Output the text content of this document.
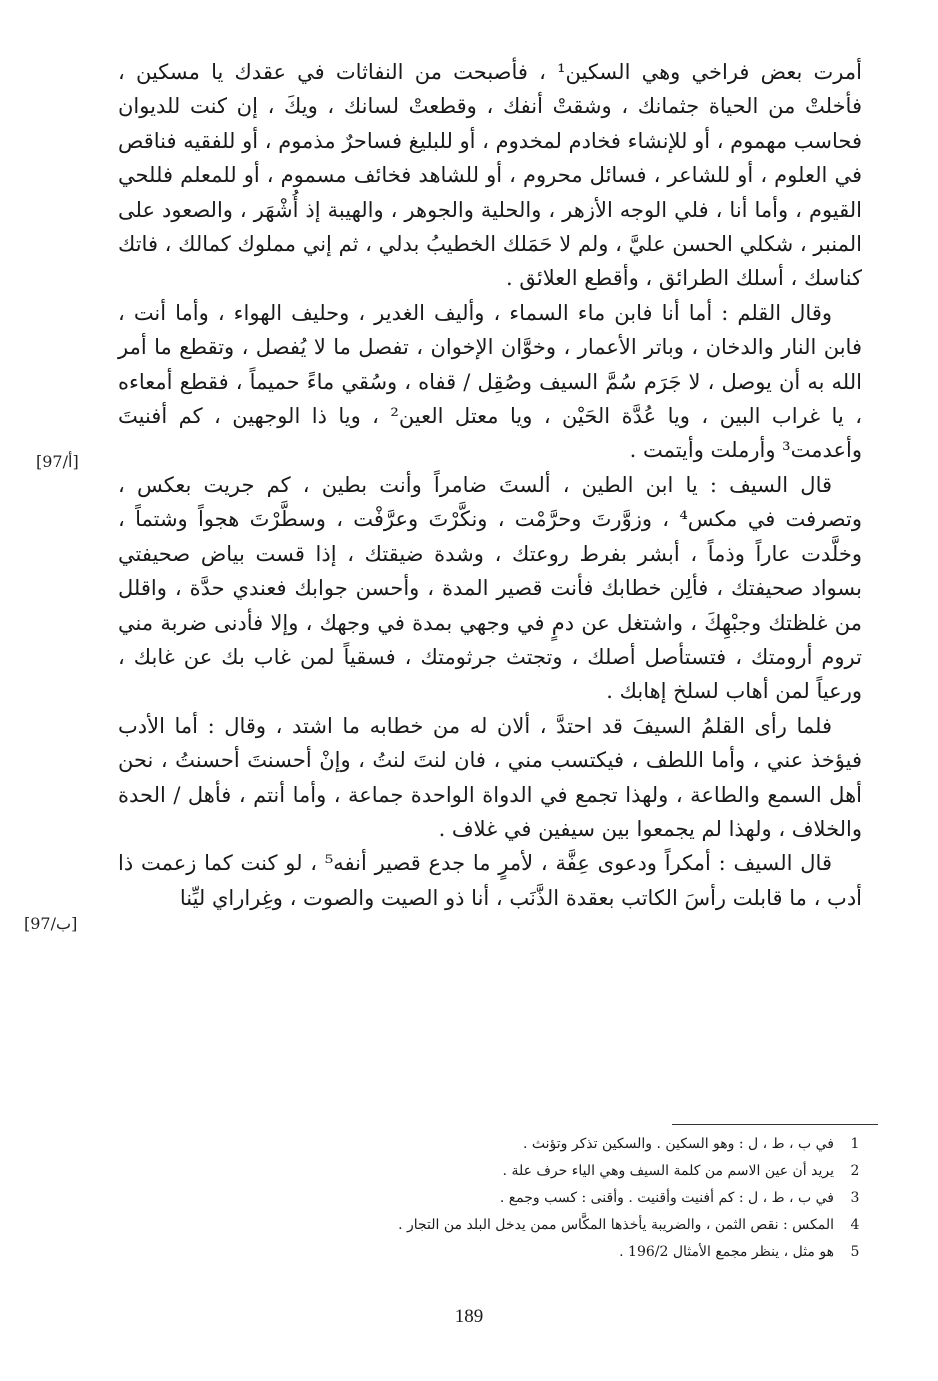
أمرت بعض فراخي وهي السكين¹ ، فأصبحت من النفاثات في عقدك يا مسكين ، فأخلتْ من الحياة جثمانك ، وشقتْ أنفك ، وقطعتْ لسانك ، ويكَ ، إن كنت للديوان فحاسب مهموم ، أو للإنشاء فخادم لمخدوم ، أو للبليغ فساحرٌ مذموم ، أو للفقيه فناقص في العلوم ، أو للشاعر ، فسائل محروم ، أو للشاهد فخائف مسموم ، أو للمعلم فللحي القيوم ، وأما أنا ، فلي الوجه الأزهر ، والحلية والجوهر ، والهيبة إذ أُشْهَر ، والصعود على المنبر ، شكلي الحسن عليَّ ، ولم لا حَمَلك الخطيبُ بدلي ، ثم إني مملوك كمالك ، فاتك كناسك ، أسلك الطرائق ، وأقطع العلائق .

وقال القلم : أما أنا فابن ماء السماء ، وأليف الغدير ، وحليف الهواء ، وأما أنت ، فابن النار والدخان ، وباتر الأعمار ، وخوَّان الإخوان ، تفصل ما لا يُفصل ، وتقطع ما أمر الله به أن يوصل ، لا جَرَم سُمَّ السيف وصُقِل / قفاه ، وسُقي ماءً حميماً ، فقطع أمعاءه ، يا غراب البين ، ويا عُدَّة الحَيْن ، ويا معتل العين² ، ويا ذا الوجهين ، كم أفنيتَ وأعدمت³ وأرملت وأيتمت .

قال السيف : يا ابن الطين ، ألستَ ضامراً وأنت بطين ، كم جريت بعكس ، وتصرفت في مكس⁴ ، وزوَّرتَ وحرَّمْت ، ونكَّرْتَ وعرَّفْت ، وسطَّرْتَ هجواً وشتماً ، وخلَّدت عاراً وذماً ، أبشر بفرط روعتك ، وشدة ضيقتك ، إذا قست بياض صحيفتي بسواد صحيفتك ، فألِن خطابك فأنت قصير المدة ، وأحسن جوابك فعندي حدَّة ، واقلل من غلظتك وجبْهِكَ ، واشتغل عن دمٍ في وجهي بمدة في وجهك ، وإلا فأدنى ضربة مني تروم أرومتك ، فتستأصل أصلك ، وتجتث جرثومتك ، فسقياً لمن غاب بك عن غابك ، ورعياً لمن أهاب لسلخ إهابك .

فلما رأى القلمُ السيفَ قد احتدَّ ، ألان له من خطابه ما اشتد ، وقال : أما الأدب فيؤخذ عني ، وأما اللطف ، فيكتسب مني ، فان لنتَ لنتُ ، وإنْ أحسنتَ أحسنتُ ، نحن أهل السمع والطاعة ، ولهذا تجمع في الدواة الواحدة جماعة ، وأما أنتم ، فأهل / الحدة والخلاف ، ولهذا لم يجمعوا بين سيفين في غلاف .

قال السيف : أمكراً ودعوى عِفَّة ، لأمرٍ ما جدع قصير أنفه⁵ ، لو كنت كما زعمت ذا أدب ، ما قابلت رأسَ الكاتب بعقدة الذَّنَب ، أنا ذو الصيت والصوت ، وغِراراي ليِّنا

[97/أ]
[97/ب]
1
في ب ، ط ، ل : وهو السكين . والسكين تذكر وتؤنث .
2
يريد أن عين الاسم من كلمة السيف وهي الياء حرف علة .
3
في ب ، ط ، ل : كم أفنيت وأقنيت . وأقنى : كسب وجمع .
4
المكس : نقص الثمن ، والضريبة يأخذها المكَّاس ممن يدخل البلد من التجار .
5
هو مثل ، ينظر مجمع الأمثال 196/2 .
189
